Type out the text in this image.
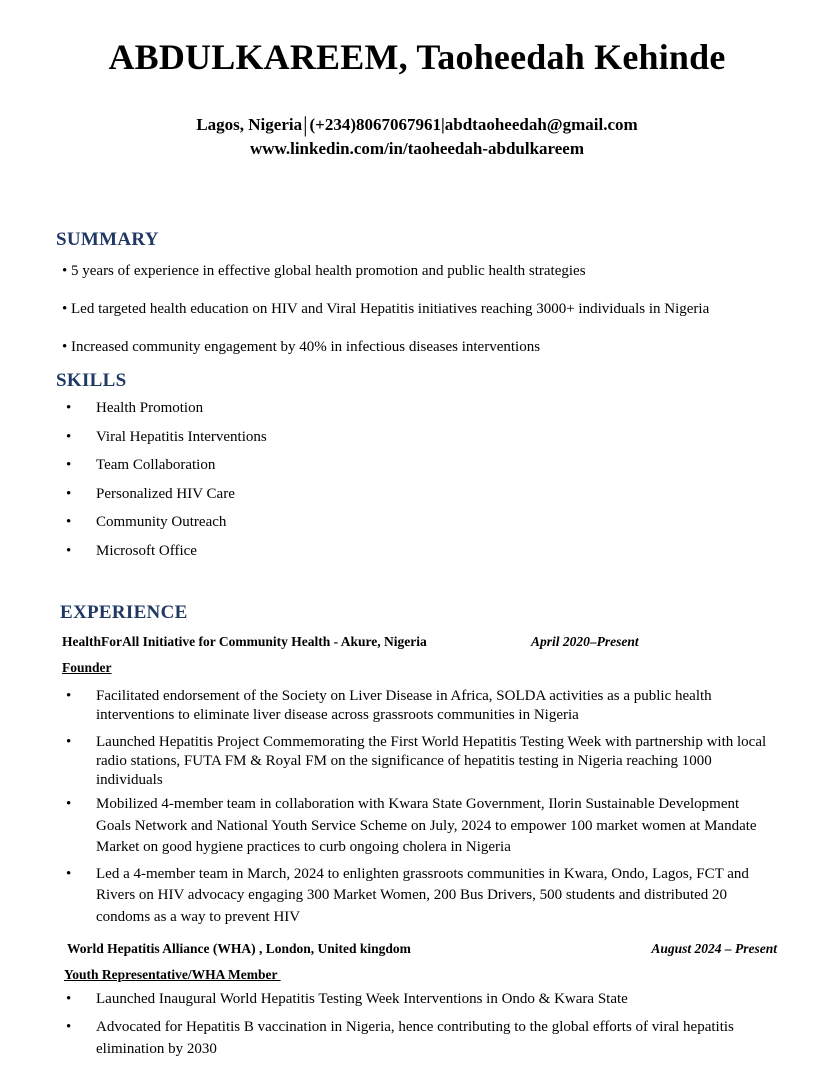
ABDULKAREEM, Taoheedah Kehinde
Lagos, Nigeria| (+234)8067067961|abdtaoheedah@gmail.com
www.linkedin.com/in/taoheedah-abdulkareem
SUMMARY
• 5 years of experience in effective global health promotion and public health strategies
• Led targeted health education on HIV and Viral Hepatitis initiatives reaching 3000+ individuals in Nigeria
• Increased community engagement by 40% in infectious diseases interventions
SKILLS
• Health Promotion
• Viral Hepatitis Interventions
• Team Collaboration
• Personalized HIV Care
• Community Outreach
• Microsoft Office
EXPERIENCE
HealthForAll Initiative for Community Health - Akure, Nigeria	April 2020–Present
Founder
• Facilitated endorsement of the Society on Liver Disease in Africa, SOLDA activities as a public health interventions to eliminate liver disease across grassroots communities in Nigeria
• Launched Hepatitis Project Commemorating the First World Hepatitis Testing Week with partnership with local radio stations, FUTA FM & Royal FM on the significance of hepatitis testing in Nigeria reaching 1000 individuals
• Mobilized 4-member team in collaboration with Kwara State Government, Ilorin Sustainable Development Goals Network and National Youth Service Scheme on July, 2024 to empower 100 market women at Mandate Market on good hygiene practices to curb ongoing cholera in Nigeria
• Led a 4-member team in March, 2024 to enlighten grassroots communities in Kwara, Ondo, Lagos, FCT and Rivers on HIV advocacy engaging 300 Market Women, 200 Bus Drivers, 500 students and distributed 20 condoms as a way to prevent HIV
World Hepatitis Alliance (WHA) , London, United kingdom	August 2024 – Present
Youth Representative/WHA Member
• Launched Inaugural World Hepatitis Testing Week Interventions in Ondo & Kwara State
• Advocated for Hepatitis B vaccination in Nigeria, hence contributing to the global efforts of viral hepatitis elimination by 2030
